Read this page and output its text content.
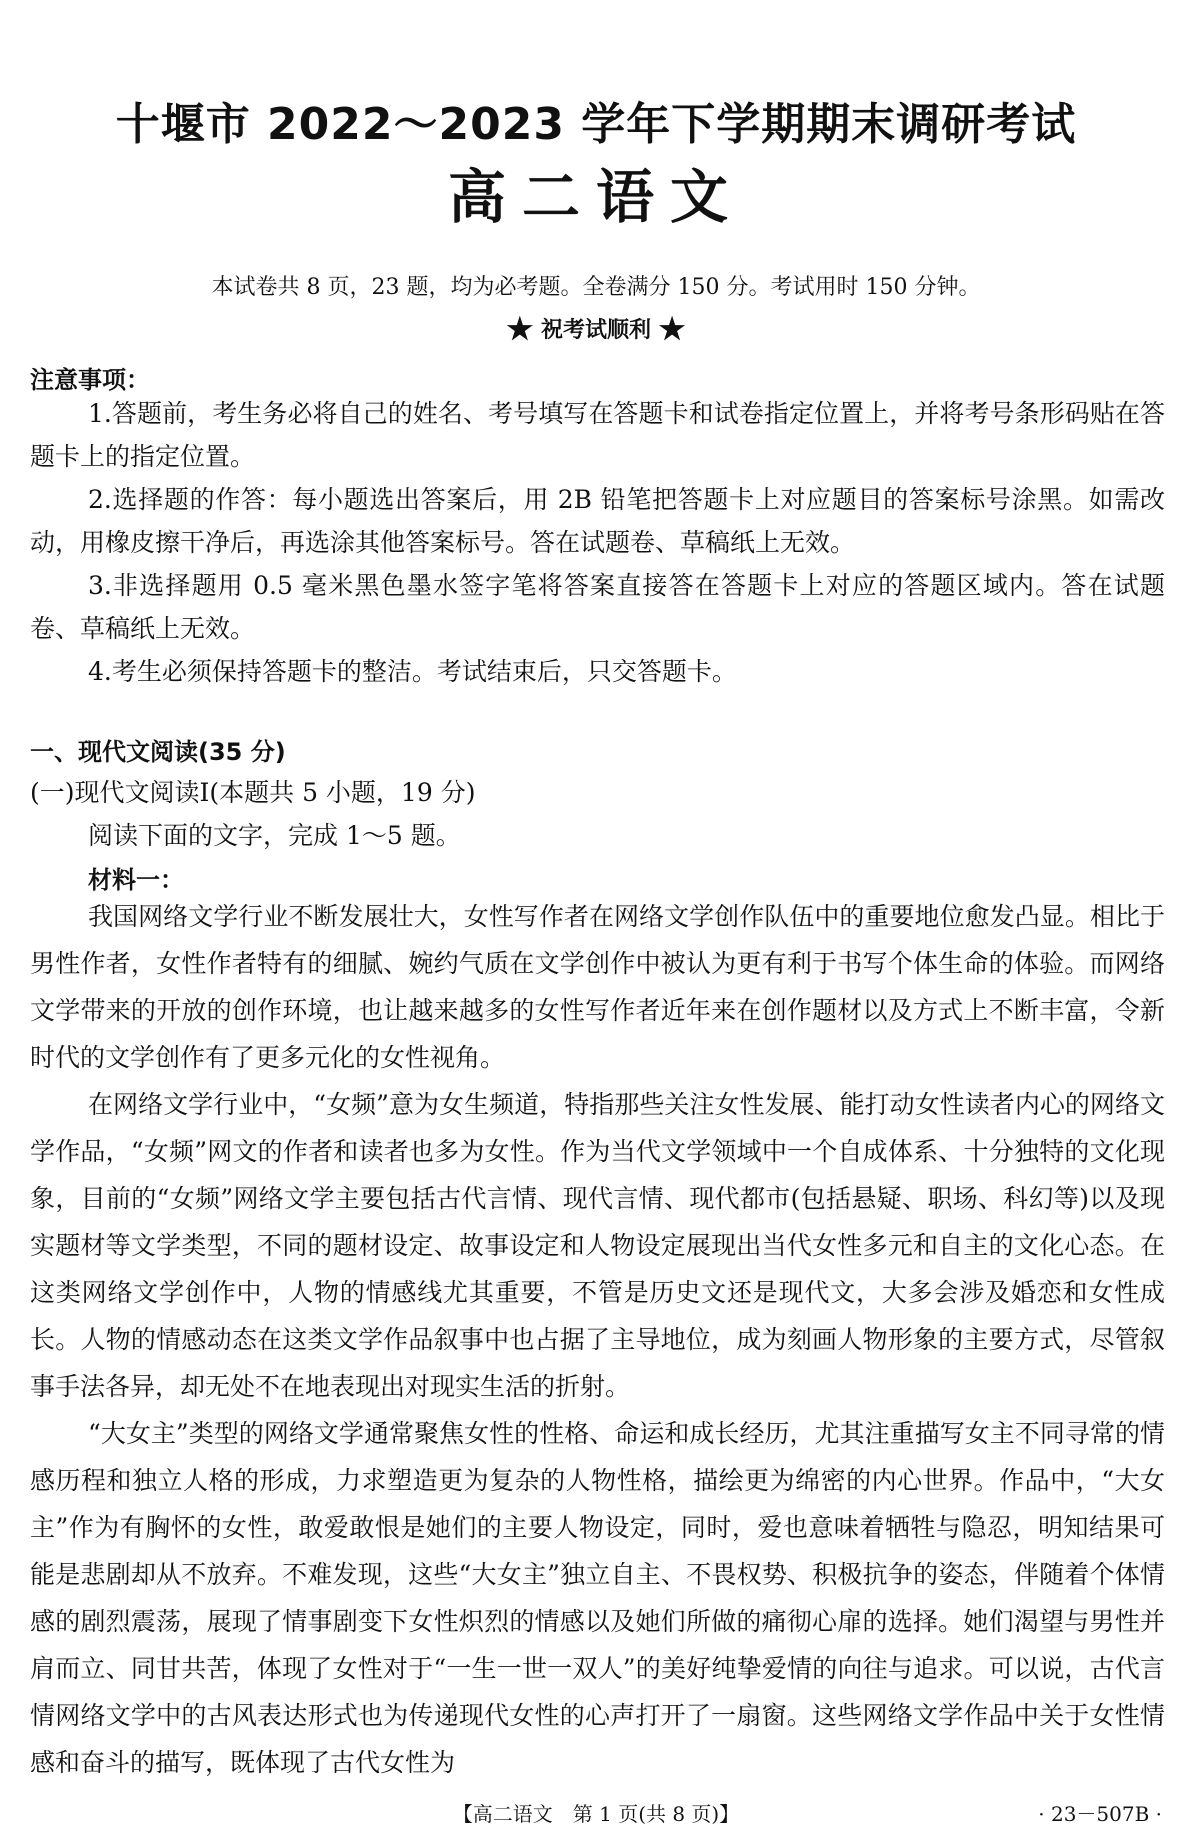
十堰市 2022～2023 学年下学期期末调研考试
高二语文
本试卷共 8 页，23 题，均为必考题。全卷满分 150 分。考试用时 150 分钟。
★ 祝考试顺利 ★
注意事项：
1.答题前，考生务必将自己的姓名、考号填写在答题卡和试卷指定位置上，并将考号条形码贴在答题卡上的指定位置。
2.选择题的作答：每小题选出答案后，用 2B 铅笔把答题卡上对应题目的答案标号涂黑。如需改动，用橡皮擦干净后，再选涂其他答案标号。答在试题卷、草稿纸上无效。
3.非选择题用 0.5 毫米黑色墨水签字笔将答案直接答在答题卡上对应的答题区域内。答在试题卷、草稿纸上无效。
4.考生必须保持答题卡的整洁。考试结束后，只交答题卡。
一、现代文阅读(35 分)
(一)现代文阅读Ⅰ(本题共 5 小题，19 分)
阅读下面的文字，完成 1～5 题。
材料一：
我国网络文学行业不断发展壮大，女性写作者在网络文学创作队伍中的重要地位愈发凸显。相比于男性作者，女性作者特有的细腻、婉约气质在文学创作中被认为更有利于书写个体生命的体验。而网络文学带来的开放的创作环境，也让越来越多的女性写作者近年来在创作题材以及方式上不断丰富，令新时代的文学创作有了更多元化的女性视角。
在网络文学行业中，“女频”意为女生频道，特指那些关注女性发展、能打动女性读者内心的网络文学作品，“女频”网文的作者和读者也多为女性。作为当代文学领域中一个自成体系、十分独特的文化现象，目前的“女频”网络文学主要包括古代言情、现代言情、现代都市(包括悬疑、职场、科幻等)以及现实题材等文学类型，不同的题材设定、故事设定和人物设定展现出当代女性多元和自主的文化心态。在这类网络文学创作中，人物的情感线尤其重要，不管是历史文还是现代文，大多会涉及婚恋和女性成长。人物的情感动态在这类文学作品叙事中也占据了主导地位，成为刻画人物形象的主要方式，尽管叙事手法各异，却无处不在地表现出对现实生活的折射。
“大女主”类型的网络文学通常聚焦女性的性格、命运和成长经历，尤其注重描写女主不同寻常的情感历程和独立人格的形成，力求塑造更为复杂的人物性格，描绘更为绵密的内心世界。作品中，“大女主”作为有胸怀的女性，敢爱敢恨是她们的主要人物设定，同时，爱也意味着牺牲与隐忍，明知结果可能是悲剧却从不放弃。不难发现，这些“大女主”独立自主、不畏权势、积极抗争的姿态，伴随着个体情感的剧烈震荡，展现了情事剧变下女性炽烈的情感以及她们所做的痛彻心扉的选择。她们渴望与男性并肩而立、同甘共苦，体现了女性对于“一生一世一双人”的美好纯挚爱情的向往与追求。可以说，古代言情网络文学中的古风表达形式也为传递现代女性的心声打开了一扇窗。这些网络文学作品中关于女性情感和奋斗的描写，既体现了古代女性为
【高二语文　第 1 页(共 8 页)】	· 23－507B ·
